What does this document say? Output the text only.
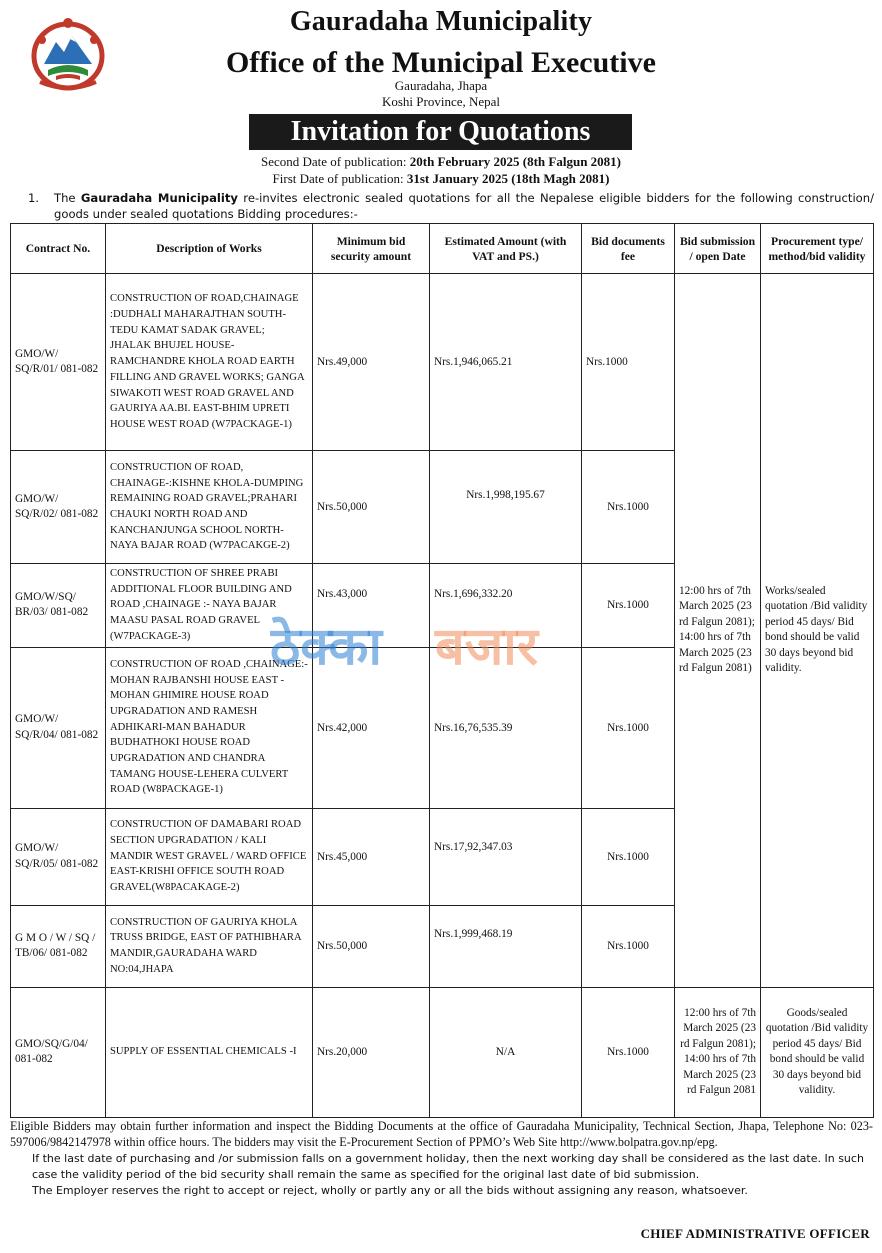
Gauradaha Municipality
Office of the Municipal Executive
Gauradaha, Jhapa
Koshi Province, Nepal
Invitation for Quotations
Second Date of publication: 20th February 2025 (8th Falgun 2081)
First Date of publication: 31st January 2025 (18th Magh 2081)
1.	The Gauradaha Municipality re-invites electronic sealed quotations for all the Nepalese eligible bidders for the following construction/ goods under sealed quotations Bidding procedures:-
Contract No.	Description of Works	Minimum bid security amount	Estimated Amount (with VAT and PS.)	Bid documents fee	Bid submission / open Date	Procurement type/ method/bid validity
GMO/W/ SQ/R/01/ 081-082	CONSTRUCTION OF ROAD,CHAINAGE :DUDHALI MAHARAJTHAN SOUTH-TEDU KAMAT SADAK GRAVEL; JHALAK BHUJEL HOUSE-RAMCHANDRE KHOLA ROAD EARTH FILLING AND GRAVEL WORKS; GANGA SIWAKOTI WEST ROAD GRAVEL AND GAURIYA AA.BI. EAST-BHIM UPRETI HOUSE WEST ROAD (W7PACKAGE-1)	Nrs.49,000	Nrs.1,946,065.21	Nrs.1000	12:00 hrs of 7th March 2025 (23 rd Falgun 2081); 14:00 hrs of 7th March 2025 (23 rd Falgun 2081)	Works/sealed quotation /Bid validity period 45 days/ Bid bond should be valid 30 days beyond bid validity.
GMO/W/ SQ/R/02/ 081-082	CONSTRUCTION OF ROAD, CHAINAGE-:KISHNE KHOLA-DUMPING REMAINING ROAD GRAVEL;PRAHARI CHAUKI NORTH ROAD AND KANCHANJUNGA SCHOOL NORTH-NAYA BAJAR ROAD (W7PACAKGE-2)	Nrs.50,000	Nrs.1,998,195.67	Nrs.1000		
GMO/W/SQ/ BR/03/ 081-082	CONSTRUCTION OF SHREE PRABI ADDITIONAL FLOOR BUILDING AND ROAD ,CHAINAGE :- NAYA BAJAR MAASU PASAL ROAD GRAVEL (W7PACKAGE-3)	Nrs.43,000	Nrs.1,696,332.20	Nrs.1000		
GMO/W/ SQ/R/04/ 081-082	CONSTRUCTION OF ROAD ,CHAINAGE:- MOHAN RAJBANSHI HOUSE EAST -MOHAN GHIMIRE HOUSE ROAD UPGRADATION AND RAMESH ADHIKARI-MAN BAHADUR BUDHATHOKI HOUSE ROAD UPGRADATION AND CHANDRA TAMANG HOUSE-LEHERA CULVERT ROAD (W8PACKAGE-1)	Nrs.42,000	Nrs.16,76,535.39	Nrs.1000		
GMO/W/ SQ/R/05/ 081-082	CONSTRUCTION OF DAMABARI ROAD SECTION UPGRADATION / KALI MANDIR WEST GRAVEL / WARD OFFICE EAST-KRISHI OFFICE SOUTH ROAD GRAVEL(W8PACAKAGE-2)	Nrs.45,000	Nrs.17,92,347.03	Nrs.1000		
G M O / W / SQ / TB/06/ 081-082	CONSTRUCTION OF GAURIYA KHOLA TRUSS BRIDGE, EAST OF PATHIBHARA MANDIR,GAURADAHA WARD NO:04,JHAPA	Nrs.50,000	Nrs.1,999,468.19	Nrs.1000		
GMO/SQ/G/04/ 081-082	SUPPLY OF ESSENTIAL CHEMICALS -I	Nrs.20,000	N/A	Nrs.1000	12:00 hrs of 7th March 2025 (23 rd Falgun 2081); 14:00 hrs of 7th March 2025 (23 rd Falgun 2081	Goods/sealed quotation /Bid validity period 45 days/ Bid bond should be valid 30 days beyond bid validity.
ठेक्का बजार
Eligible Bidders may obtain further information and inspect the Bidding Documents at the office of Gauradaha Municipality, Technical Section, Jhapa, Telephone No: 023-597006/9842147978 within office hours. The bidders may visit the E-Procurement Section of PPMO’s Web Site http://www.bolpatra.gov.np/epg.
If the last date of purchasing and /or submission falls on a government holiday, then the next working day shall be considered as the last date. In such case the validity period of the bid security shall remain the same as specified for the original last date of bid submission.
The Employer reserves the right to accept or reject, wholly or partly any or all the bids without assigning any reason, whatsoever.
CHIEF ADMINISTRATIVE OFFICER
